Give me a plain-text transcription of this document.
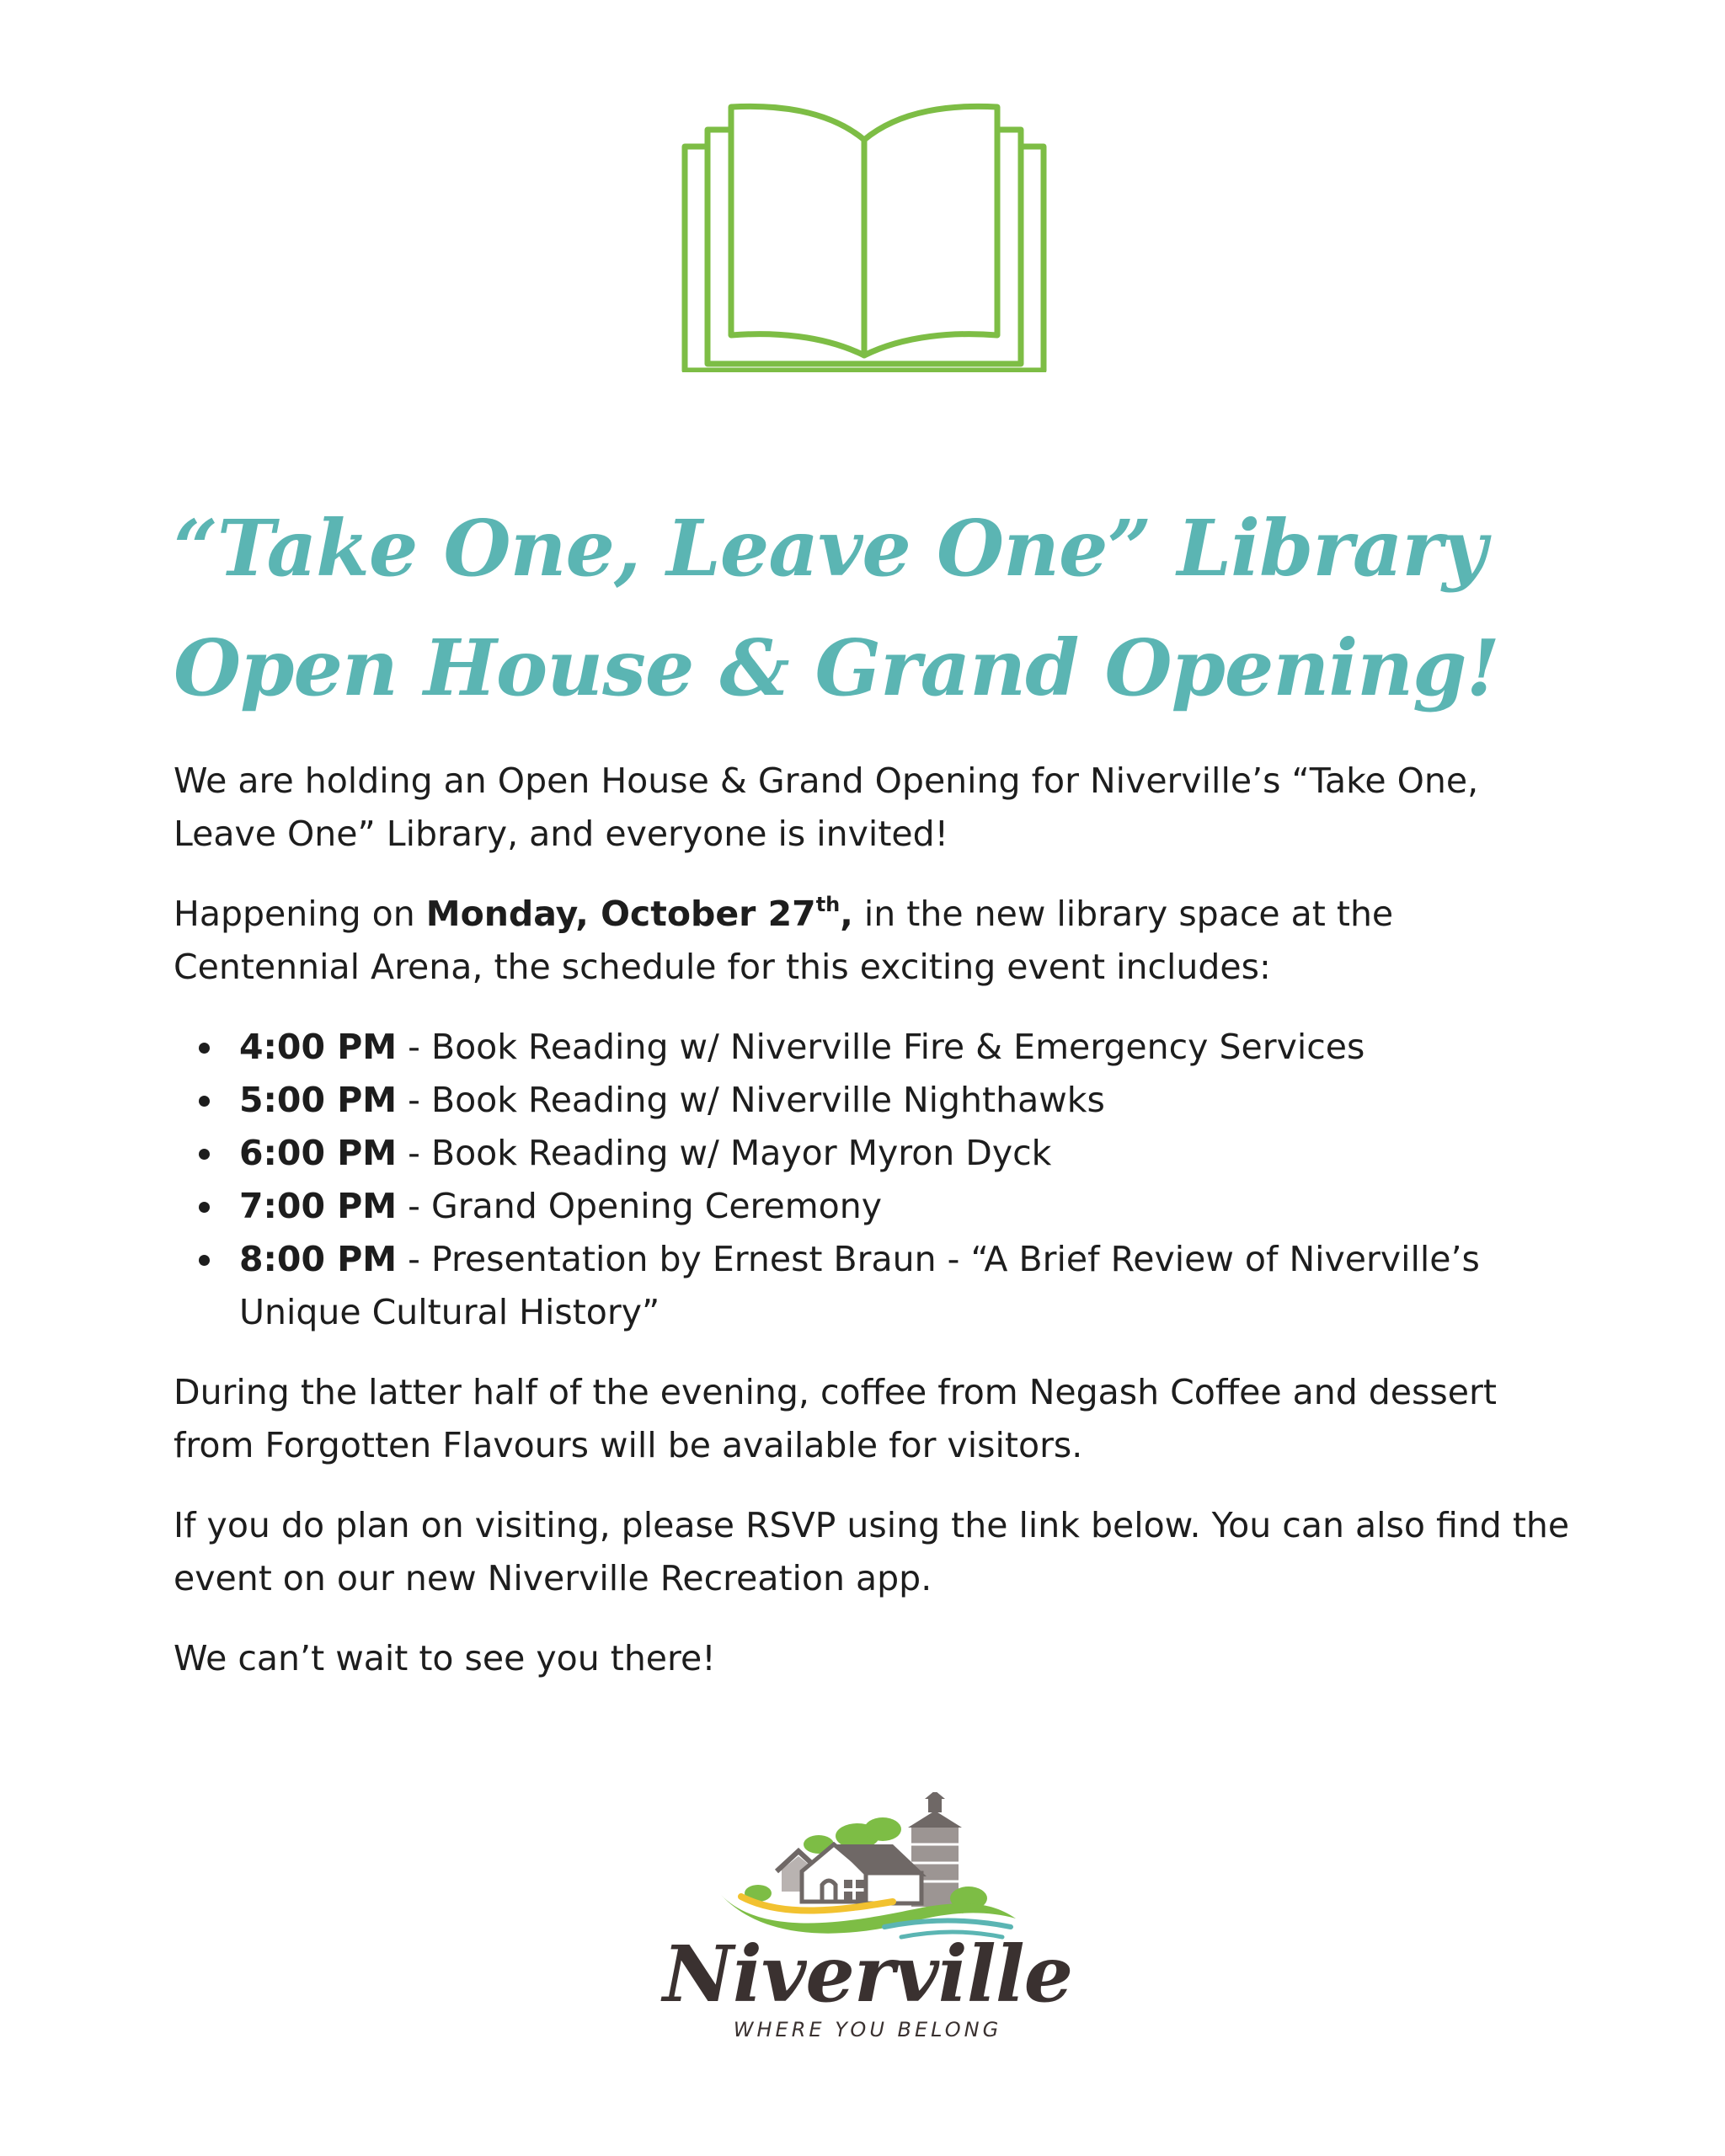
“Take One, Leave One” Library
Open House & Grand Opening!

We are holding an Open House & Grand Opening for Niverville’s “Take One, Leave One” Library, and everyone is invited!

Happening on Monday, October 27th, in the new library space at the Centennial Arena, the schedule for this exciting event includes:

4:00 PM - Book Reading w/ Niverville Fire & Emergency Services
5:00 PM - Book Reading w/ Niverville Nighthawks
6:00 PM - Book Reading w/ Mayor Myron Dyck
7:00 PM - Grand Opening Ceremony
8:00 PM - Presentation by Ernest Braun - “A Brief Review of Niverville’s Unique Cultural History”

During the latter half of the evening, coffee from Negash Coffee and dessert from Forgotten Flavours will be available for visitors.

If you do plan on visiting, please RSVP using the link below. You can also find the event on our new Niverville Recreation app.

We can’t wait to see you there!

Niverville
WHERE YOU BELONG
